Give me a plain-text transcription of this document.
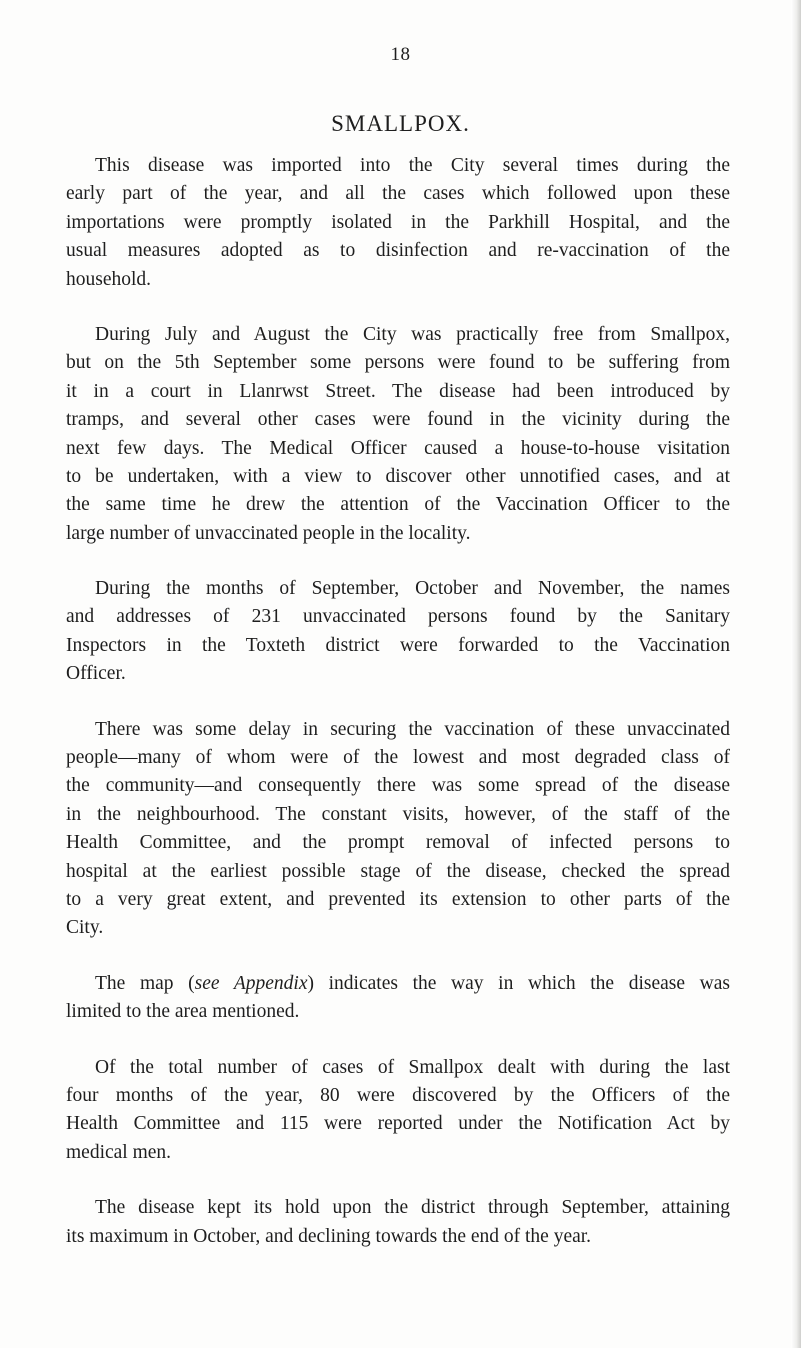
18
SMALLPOX.
This disease was imported into the City several times during the
early part of the year, and all the cases which followed upon these
importations were promptly isolated in the Parkhill Hospital, and the
usual measures adopted as to disinfection and re-vaccination of the
household.
During July and August the City was practically free from Smallpox,
but on the 5th September some persons were found to be suffering from
it in a court in Llanrwst Street. The disease had been introduced by
tramps, and several other cases were found in the vicinity during the
next few days. The Medical Officer caused a house-to-house visitation
to be undertaken, with a view to discover other unnotified cases, and at
the same time he drew the attention of the Vaccination Officer to the
large number of unvaccinated people in the locality.
During the months of September, October and November, the names
and addresses of 231 unvaccinated persons found by the Sanitary
Inspectors in the Toxteth district were forwarded to the Vaccination
Officer.
There was some delay in securing the vaccination of these unvaccinated
people—many of whom were of the lowest and most degraded class of
the community—and consequently there was some spread of the disease
in the neighbourhood. The constant visits, however, of the staff of the
Health Committee, and the prompt removal of infected persons to
hospital at the earliest possible stage of the disease, checked the spread
to a very great extent, and prevented its extension to other parts of the
City.
The map (see Appendix) indicates the way in which the disease was
limited to the area mentioned.
Of the total number of cases of Smallpox dealt with during the last
four months of the year, 80 were discovered by the Officers of the
Health Committee and 115 were reported under the Notification Act by
medical men.
The disease kept its hold upon the district through September, attaining
its maximum in October, and declining towards the end of the year.
